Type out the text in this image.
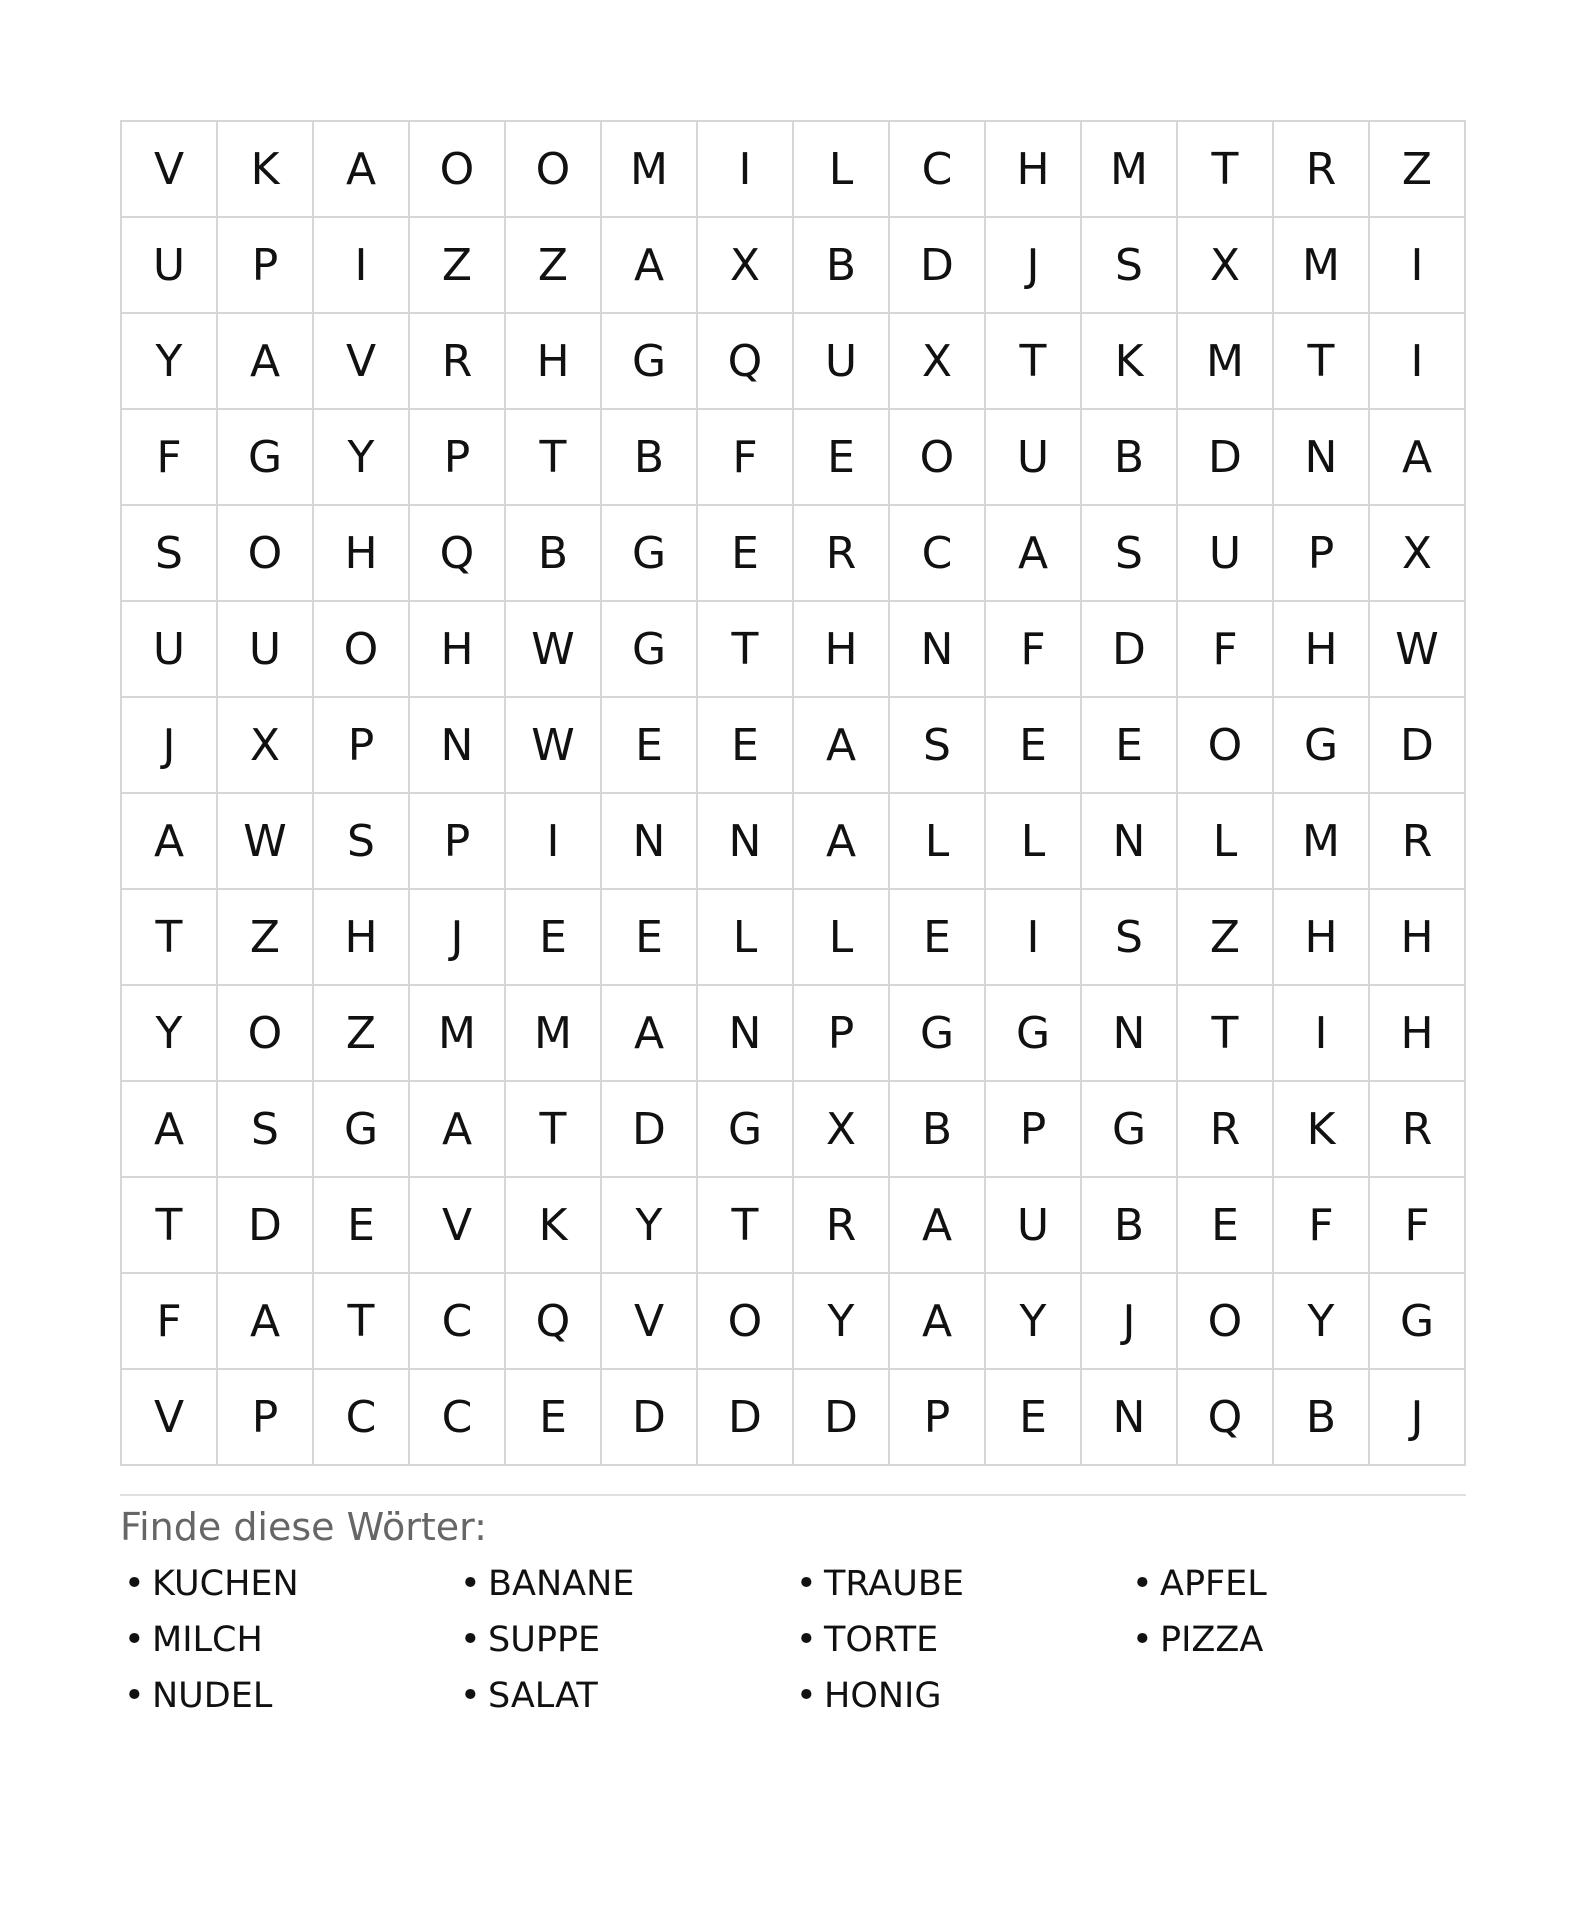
V	K	A	O	O	M	I	L	C	H	M	T	R	Z
U	P	I	Z	Z	A	X	B	D	J	S	X	M	I
Y	A	V	R	H	G	Q	U	X	T	K	M	T	I
F	G	Y	P	T	B	F	E	O	U	B	D	N	A
S	O	H	Q	B	G	E	R	C	A	S	U	P	X
U	U	O	H	W	G	T	H	N	F	D	F	H	W
J	X	P	N	W	E	E	A	S	E	E	O	G	D
A	W	S	P	I	N	N	A	L	L	N	L	M	R
T	Z	H	J	E	E	L	L	E	I	S	Z	H	H
Y	O	Z	M	M	A	N	P	G	G	N	T	I	H
A	S	G	A	T	D	G	X	B	P	G	R	K	R
T	D	E	V	K	Y	T	R	A	U	B	E	F	F
F	A	T	C	Q	V	O	Y	A	Y	J	O	Y	G
V	P	C	C	E	D	D	D	P	E	N	Q	B	J
Finde diese Wörter:
• KUCHEN	• BANANE	• TRAUBE	• APFEL
• MILCH	• SUPPE	• TORTE	• PIZZA
• NUDEL	• SALAT	• HONIG
